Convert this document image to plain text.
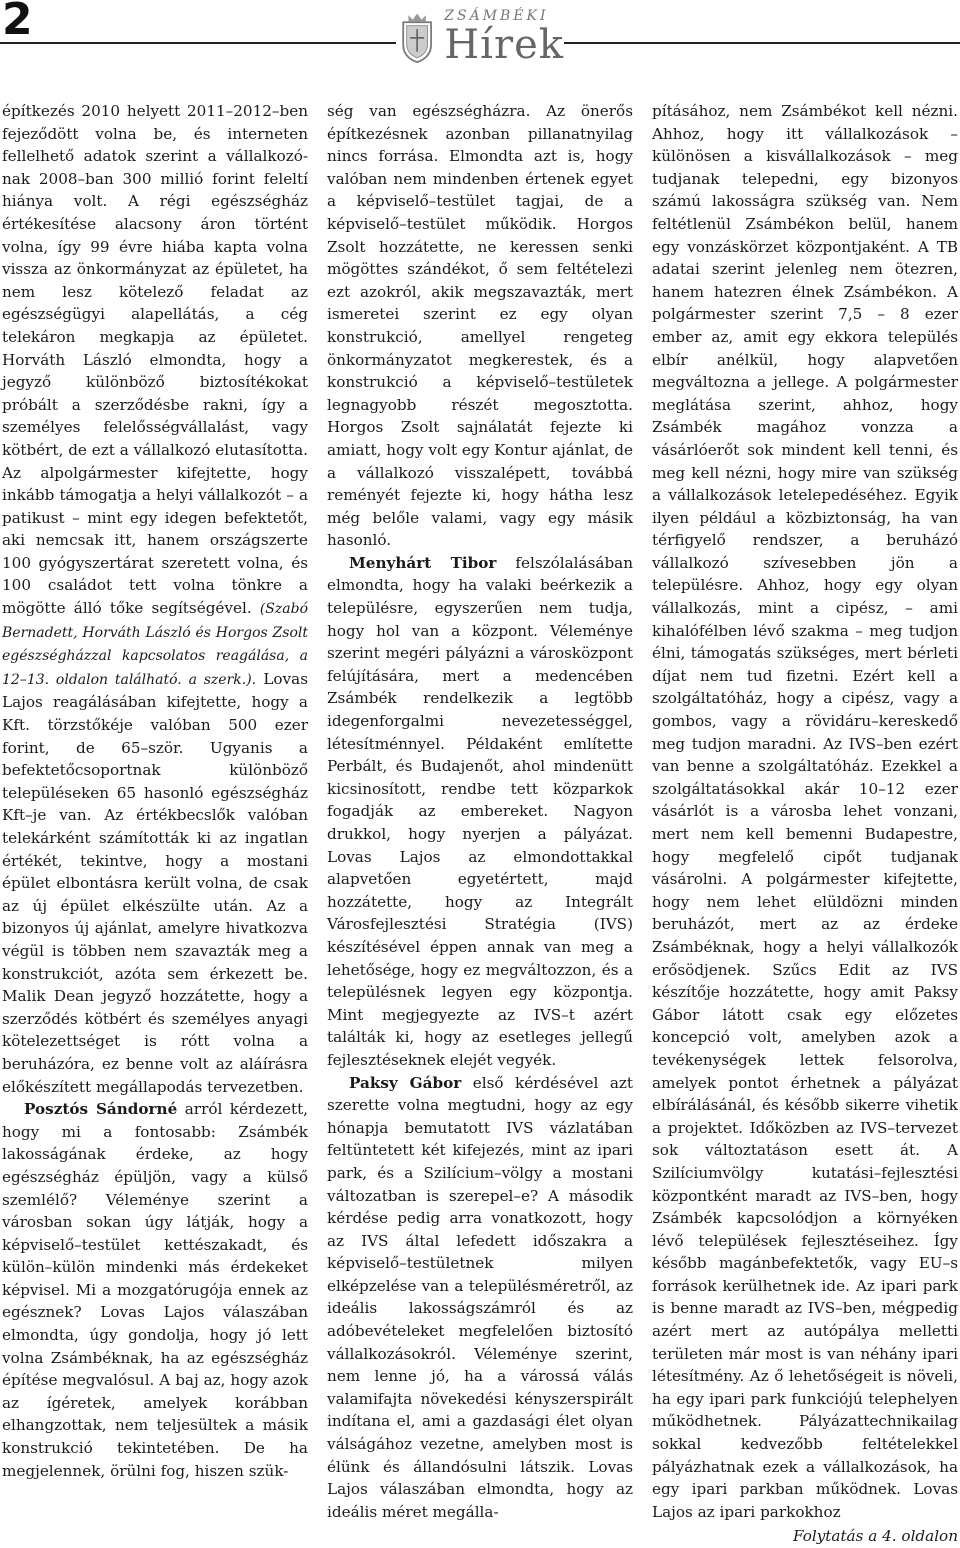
2	ZSÁMBÉKI
Hírek

építkezés 2010 helyett 2011–2012–ben fejeződött volna be, és interneten fellelhető adatok szerint a vállalkozó-nak 2008–ban 300 millió forint feleltí hiánya volt. A régi egészségház értékesítése alacsony áron történt volna, így 99 évre hiába kapta volna vissza az önkormányzat az épületet, ha nem lesz kötelező feladat az egészségügyi alapellátás, a cég telekáron megkapja az épületet. Horváth László elmondta, hogy a jegyző különböző biztosítékokat próbált a szerződésbe rakni, így a személyes felelősségvállalást, vagy kötbért, de ezt a vállalkozó elutasította. Az alpolgármester kifejtette, hogy inkább támogatja a helyi vállalkozót – a patikust – mint egy idegen befektetőt, aki nemcsak itt, hanem országszerte 100 gyógyszertárat szeretett volna, és 100 családot tett volna tönkre a mögötte álló tőke segítségével. (Szabó Bernadett, Horváth László és Horgos Zsolt egészségházzal kapcsolatos reagálása, a 12–13. oldalon található. a szerk.). Lovas Lajos reagálásában kifejtette, hogy a Kft. törzstőkéje valóban 500 ezer forint, de 65–ször. Ugyanis a befektetőcsoportnak különböző településeken 65 hasonló egészségház Kft–je van. Az értékbecslők valóban telekárként számították ki az ingatlan értékét, tekintve, hogy a mostani épület elbontásra került volna, de csak az új épület elkészülte után. Az a bizonyos új ajánlat, amelyre hivatkozva végül is többen nem szavazták meg a konstrukciót, azóta sem érkezett be. Malik Dean jegyző hozzátette, hogy a szerződés kötbért és személyes anyagi kötelezettséget is rótt volna a beruházóra, ez benne volt az aláírásra előkészített megállapodás tervezetben.

Posztós Sándorné arról kérdezett, hogy mi a fontosabb: Zsámbék lakosságának érdeke, az hogy egészségház épüljön, vagy a külső szemlélő? Véleménye szerint a városban sokan úgy látják, hogy a képviselő–testület kettészakadt, és külön–külön mindenki más érdekeket képvisel. Mi a mozgatórugója ennek az egésznek? Lovas Lajos válaszában elmondta, úgy gondolja, hogy jó lett volna Zsámbéknak, ha az egészségház építése megvalósul. A baj az, hogy azok az ígéretek, amelyek korábban elhangzottak, nem teljesültek a másik konstrukció tekintetében. De ha megjelennek, örülni fog, hiszen szük-

ség van egészségházra. Az önerős építkezésnek azonban pillanatnyilag nincs forrása. Elmondta azt is, hogy valóban nem mindenben értenek egyet a képviselő–testület tagjai, de a képviselő–testület működik. Horgos Zsolt hozzátette, ne keressen senki mögöttes szándékot, ő sem feltételezi ezt azokról, akik megszavazták, mert ismeretei szerint ez egy olyan konstrukció, amellyel rengeteg önkormányzatot megkerestek, és a konstrukció a képviselő–testületek legnagyobb részét megosztotta. Horgos Zsolt sajnálatát fejezte ki amiatt, hogy volt egy Kontur ajánlat, de a vállalkozó visszalépett, továbbá reményét fejezte ki, hogy hátha lesz még belőle valami, vagy egy másik hasonló.

Menyhárt Tibor felszólalásában elmondta, hogy ha valaki beérkezik a településre, egyszerűen nem tudja, hogy hol van a központ. Véleménye szerint megéri pályázni a városközpont felújítására, mert a medencében Zsámbék rendelkezik a legtöbb idegenforgalmi nevezetességgel, létesítménnyel. Példaként említette Perbált, és Budajenőt, ahol mindenütt kicsinosított, rendbe tett közparkok fogadják az embereket. Nagyon drukkol, hogy nyerjen a pályázat. Lovas Lajos az elmondottakkal alapvetően egyetértett, majd hozzátette, hogy az Integrált Városfejlesztési Stratégia (IVS) készítésével éppen annak van meg a lehetősége, hogy ez megváltozzon, és a településnek legyen egy központja. Mint megjegyezte az IVS–t azért találták ki, hogy az esetleges jellegű fejlesztéseknek elejét vegyék.

Paksy Gábor első kérdésével azt szerette volna megtudni, hogy az egy hónapja bemutatott IVS vázlatában feltüntetett két kifejezés, mint az ipari park, és a Szilícium–völgy a mostani változatban is szerepel–e? A második kérdése pedig arra vonatkozott, hogy az IVS által lefedett időszakra a képviselő–testületnek milyen elképzelése van a településméretről, az ideális lakosságszámról és az adóbevételeket megfelelően biztosító vállalkozásokról. Véleménye szerint, nem lenne jó, ha a várossá válás valamifajta növekedési kényszerspirált indítana el, ami a gazdasági élet olyan válságához vezetne, amelyben most is élünk és állandósulni látszik. Lovas Lajos válaszában elmondta, hogy az ideális méret megálla-

pításához, nem Zsámbékot kell nézni. Ahhoz, hogy itt vállalkozások – különösen a kisvállalkozások – meg tudjanak telepedni, egy bizonyos számú lakosságra szükség van. Nem feltétlenül Zsámbékon belül, hanem egy vonzáskörzet központjaként. A TB adatai szerint jelenleg nem ötezren, hanem hatezren élnek Zsámbékon. A polgármester szerint 7,5 – 8 ezer ember az, amit egy ekkora település elbír anélkül, hogy alapvetően megváltozna a jellege. A polgármester meglátása szerint, ahhoz, hogy Zsámbék magához vonzza a vásárlóerőt sok mindent kell tenni, és meg kell nézni, hogy mire van szükség a vállalkozások letelepedéséhez. Egyik ilyen például a közbiztonság, ha van térfigyelő rendszer, a beruházó vállalkozó szívesebben jön a településre. Ahhoz, hogy egy olyan vállalkozás, mint a cipész, – ami kihalófélben lévő szakma – meg tudjon élni, támogatás szükséges, mert bérleti díjat nem tud fizetni. Ezért kell a szolgáltatóház, hogy a cipész, vagy a gombos, vagy a rövidáru–kereskedő meg tudjon maradni. Az IVS–ben ezért van benne a szolgáltatóház. Ezekkel a szolgáltatásokkal akár 10–12 ezer vásárlót is a városba lehet vonzani, mert nem kell bemenni Budapestre, hogy megfelelő cipőt tudjanak vásárolni. A polgármester kifejtette, hogy nem lehet elüldözni minden beruházót, mert az az érdeke Zsámbéknak, hogy a helyi vállalkozók erősödjenek. Szűcs Edit az IVS készítője hozzátette, hogy amit Paksy Gábor látott csak egy előzetes koncepció volt, amelyben azok a tevékenységek lettek felsorolva, amelyek pontot érhetnek a pályázat elbírálásánál, és később sikerre vihetik a projektet. Időközben az IVS–tervezet sok változtatáson esett át. A Szilíciumvölgy kutatási–fejlesztési központként maradt az IVS–ben, hogy Zsámbék kapcsolódjon a környéken lévő települések fejlesztéseihez. Így később magánbefektetők, vagy EU–s források kerülhetnek ide. Az ipari park is benne maradt az IVS–ben, mégpedig azért mert az autópálya melletti területen már most is van néhány ipari létesítmény. Az ő lehetőségeit is növeli, ha egy ipari park funkciójú telephelyen működhetnek. Pályázattechnikailag sokkal kedvezőbb feltételekkel pályázhatnak ezek a vállalkozások, ha egy ipari parkban működnek. Lovas Lajos az ipari parkokhoz

Folytatás a 4. oldalon
